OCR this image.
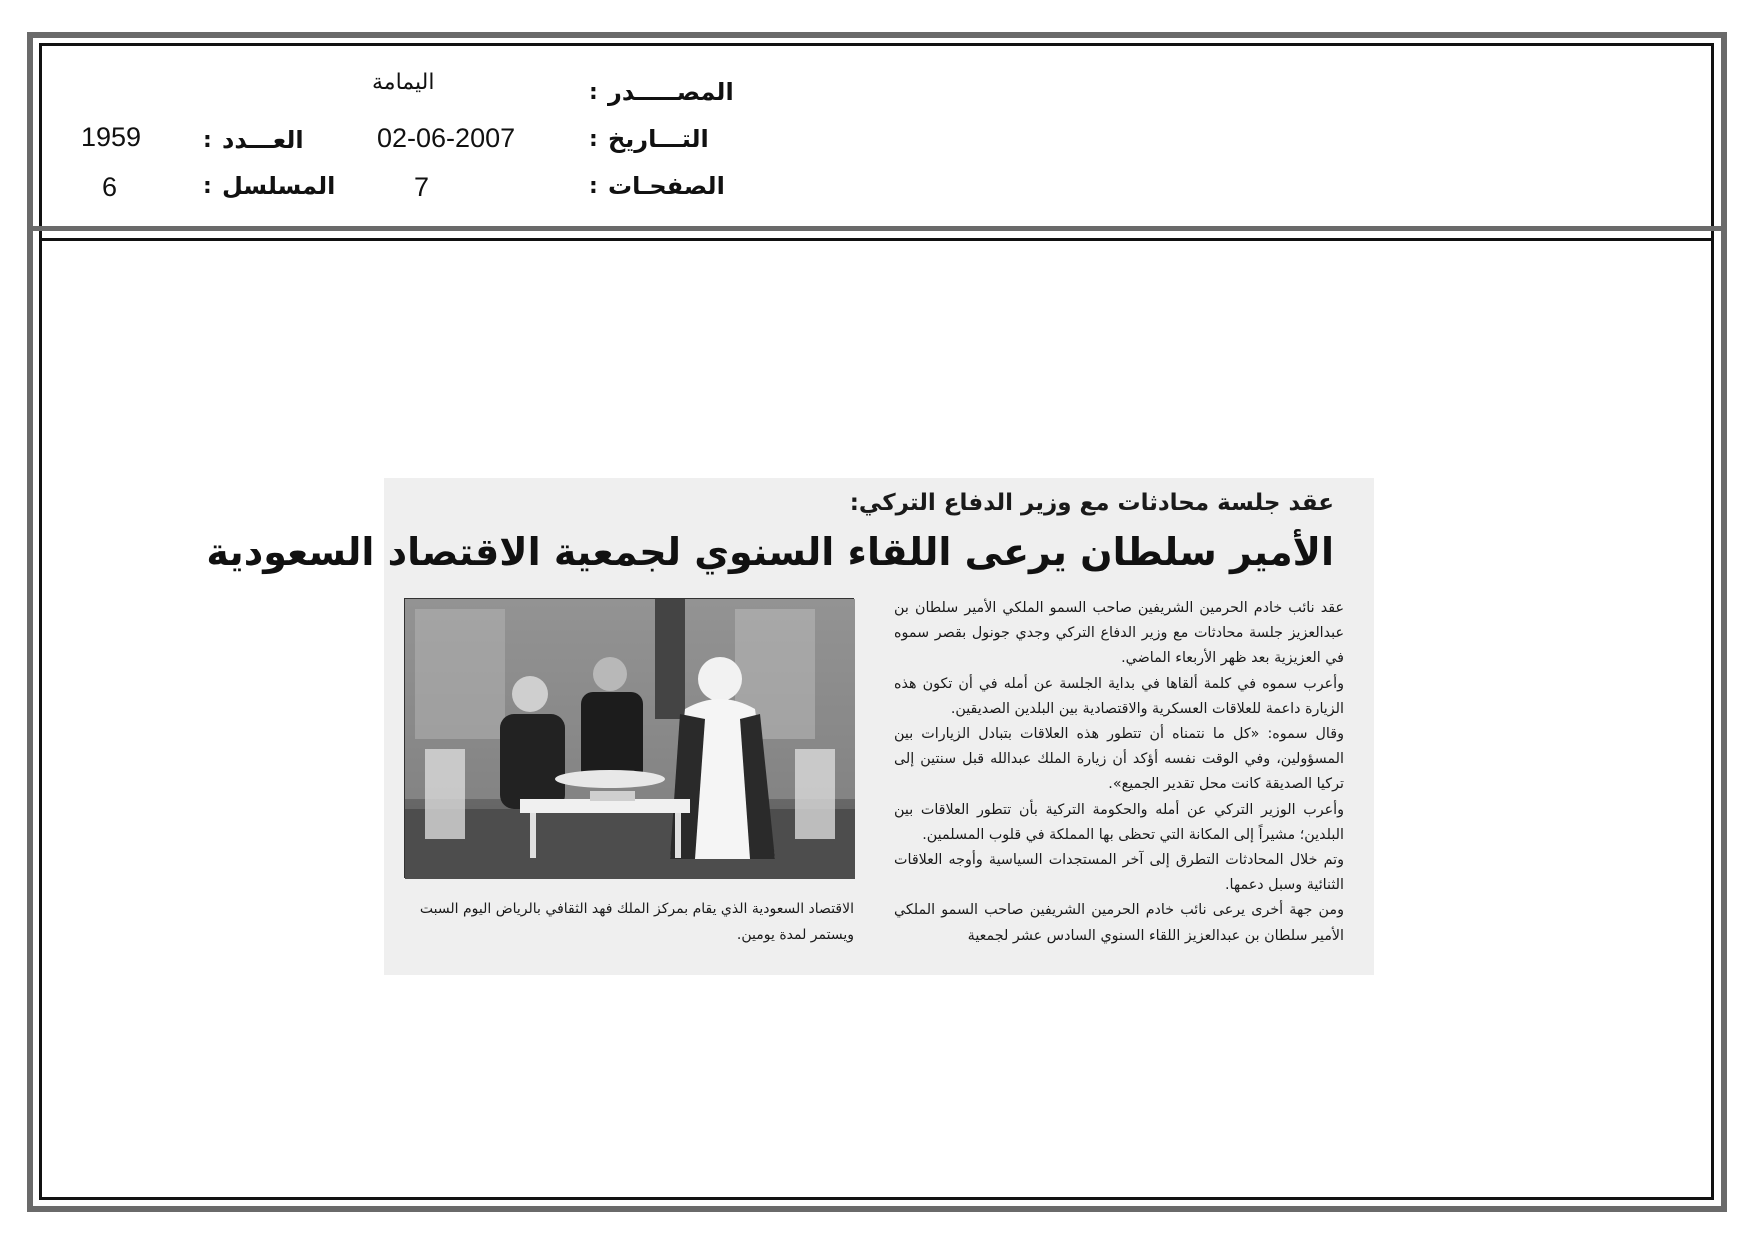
اليمامة	المصـــــدر
:
02-06-2007	التـــاريخ
:
7	الصفحـات
:
1959	العـــدد
:
6	المسلسل
:
عقد جلسة محادثات مع وزير الدفاع التركي:
الأمير سلطان يرعى اللقاء السنوي لجمعية الاقتصاد السعودية

عقد نائب خادم الحرمين الشريفين صاحب السمو الملكي الأمير سلطان بن عبدالعزيز جلسة محادثات مع وزير الدفاع التركي وجدي جونول بقصر سموه في العزيزية بعد ظهر الأربعاء الماضي.

وأعرب سموه في كلمة ألقاها في بداية الجلسة عن أمله في أن تكون هذه الزيارة داعمة للعلاقات العسكرية والاقتصادية بين البلدين الصديقين.

وقال سموه: «كل ما نتمناه أن تتطور هذه العلاقات بتبادل الزيارات بين المسؤولين، وفي الوقت نفسه أؤكد أن زيارة الملك عبدالله قبل سنتين إلى تركيا الصديقة كانت محل تقدير الجميع».

وأعرب الوزير التركي عن أمله والحكومة التركية بأن تتطور العلاقات بين البلدين؛ مشيراً إلى المكانة التي تحظى بها المملكة في قلوب المسلمين.

وتم خلال المحادثات التطرق إلى آخر المستجدات السياسية وأوجه العلاقات الثنائية وسبل دعمها.

ومن جهة أخرى يرعى نائب خادم الحرمين الشريفين صاحب السمو الملكي الأمير سلطان بن عبدالعزيز اللقاء السنوي السادس عشر لجمعية

الاقتصاد السعودية الذي يقام بمركز الملك فهد الثقافي بالرياض اليوم السبت ويستمر لمدة يومين.
